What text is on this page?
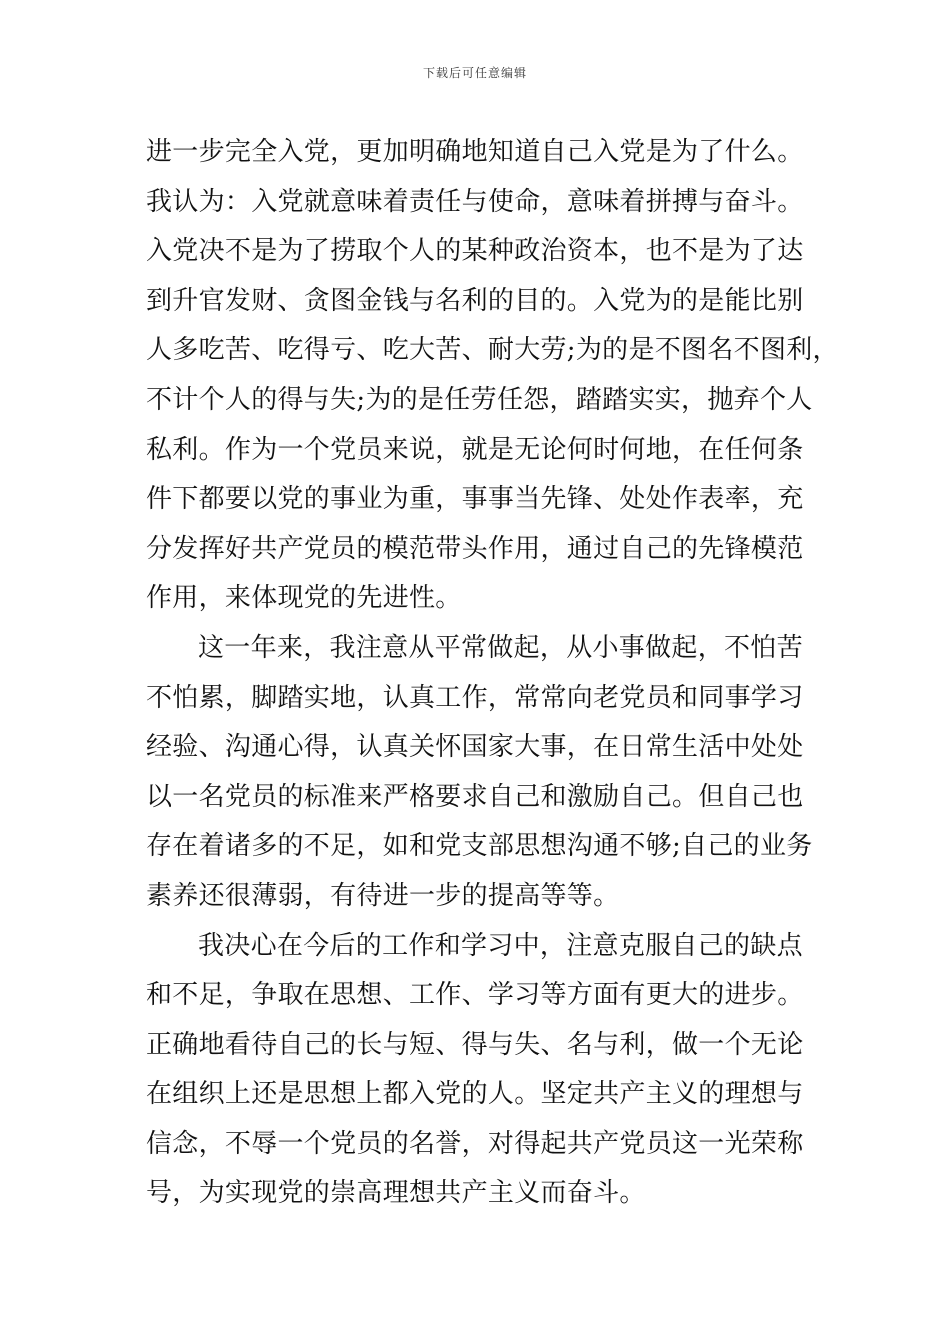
下载后可任意编辑
进一步完全入党，更加明确地知道自己入党是为了什么。
我认为：入党就意味着责任与使命，意味着拼搏与奋斗。
入党决不是为了捞取个人的某种政治资本，也不是为了达
到升官发财、贪图金钱与名利的目的。入党为的是能比别
人多吃苦、吃得亏、吃大苦、耐大劳;为的是不图名不图利，
不计个人的得与失;为的是任劳任怨，踏踏实实，抛弃个人
私利。作为一个党员来说，就是无论何时何地，在任何条
件下都要以党的事业为重，事事当先锋、处处作表率，充
分发挥好共产党员的模范带头作用，通过自己的先锋模范
作用，来体现党的先进性。
这一年来，我注意从平常做起，从小事做起，不怕苦
不怕累，脚踏实地，认真工作，常常向老党员和同事学习
经验、沟通心得，认真关怀国家大事，在日常生活中处处
以一名党员的标准来严格要求自己和激励自己。但自己也
存在着诸多的不足，如和党支部思想沟通不够;自己的业务
素养还很薄弱，有待进一步的提高等等。
我决心在今后的工作和学习中，注意克服自己的缺点
和不足，争取在思想、工作、学习等方面有更大的进步。
正确地看待自己的长与短、得与失、名与利，做一个无论
在组织上还是思想上都入党的人。坚定共产主义的理想与
信念，不辱一个党员的名誉，对得起共产党员这一光荣称
号，为实现党的崇高理想共产主义而奋斗。
